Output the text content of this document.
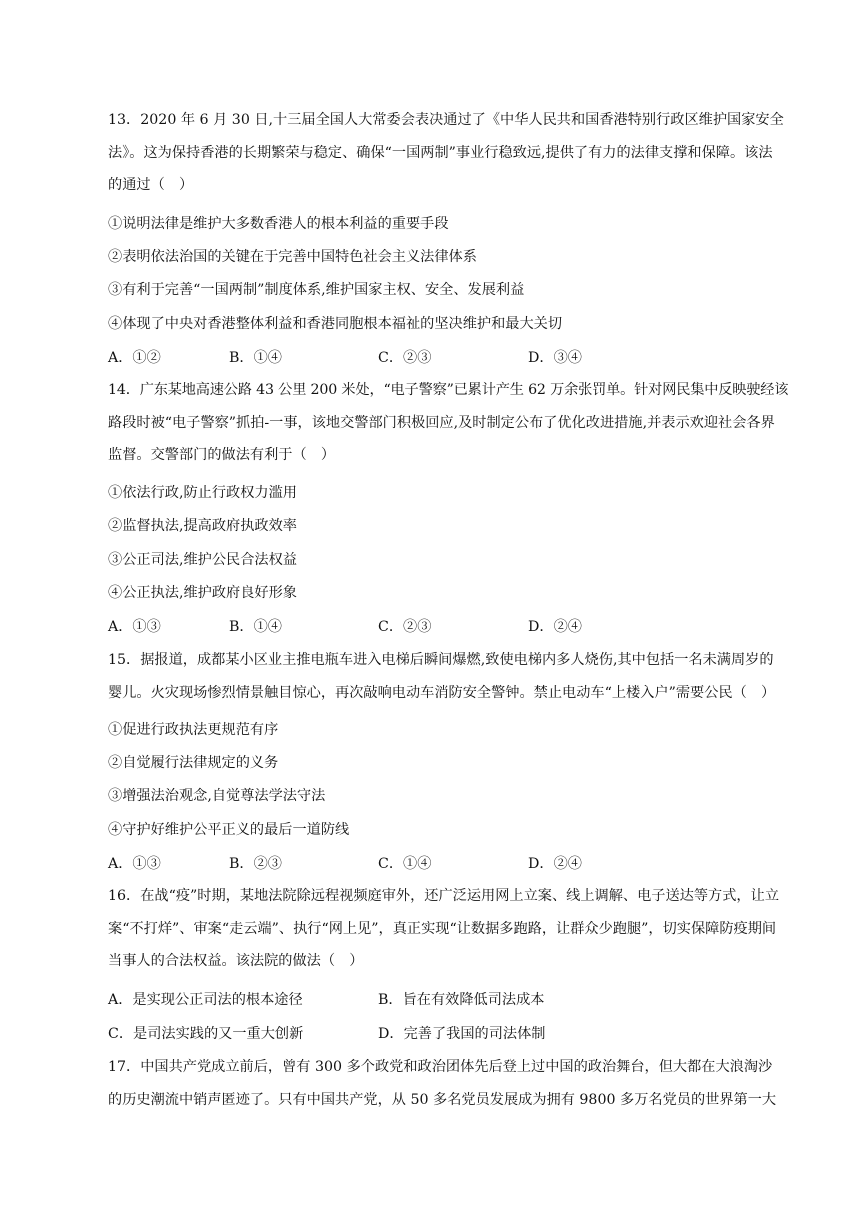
13．2020 年 6 月 30 日,十三届全国人大常委会表决通过了《中华人民共和国香港特别行政区维护国家安全
法》。这为保持香港的长期繁荣与稳定、确保“一国两制”事业行稳致远,提供了有力的法律支撑和保障。该法
的通过（　）
①说明法律是维护大多数香港人的根本利益的重要手段
②表明依法治国的关键在于完善中国特色社会主义法律体系
③有利于完善“一国两制”制度体系,维护国家主权、安全、发展利益
④体现了中央对香港整体利益和香港同胞根本福祉的坚决维护和最大关切
A．①②	B．①④	C．②③	D．③④
14．广东某地高速公路 43 公里 200 米处，“电子警察”已累计产生 62 万余张罚单。针对网民集中反映驶经该
路段时被“电子警察”抓拍-一事，该地交警部门积极回应,及时制定公布了优化改进措施,并表示欢迎社会各界
监督。交警部门的做法有利于（　）
①依法行政,防止行政权力滥用
②监督执法,提高政府执政效率
③公正司法,维护公民合法权益
④公正执法,维护政府良好形象
A．①③	B．①④	C．②③	D．②④
15．据报道，成都某小区业主推电瓶车进入电梯后瞬间爆燃,致使电梯内多人烧伤,其中包括一名未满周岁的
婴儿。火灾现场惨烈情景触目惊心，再次敲响电动车消防安全警钟。禁止电动车“上楼入户”需要公民（　）
①促进行政执法更规范有序
②自觉履行法律规定的义务
③增强法治观念,自觉尊法学法守法
④守护好维护公平正义的最后一道防线
A．①③	B．②③	C．①④	D．②④
16．在战“疫”时期，某地法院除远程视频庭审外，还广泛运用网上立案、线上调解、电子送达等方式，让立
案“不打烊”、审案“走云端”、执行“网上见”，真正实现“让数据多跑路，让群众少跑腿”，切实保障防疫期间
当事人的合法权益。该法院的做法（　）
A．是实现公正司法的根本途径	B．旨在有效降低司法成本
C．是司法实践的又一重大创新	D．完善了我国的司法体制
17．中国共产党成立前后，曾有 300 多个政党和政治团体先后登上过中国的政治舞台，但大都在大浪淘沙
的历史潮流中销声匿迹了。只有中国共产党，从 50 多名党员发展成为拥有 9800 多万名党员的世界第一大
